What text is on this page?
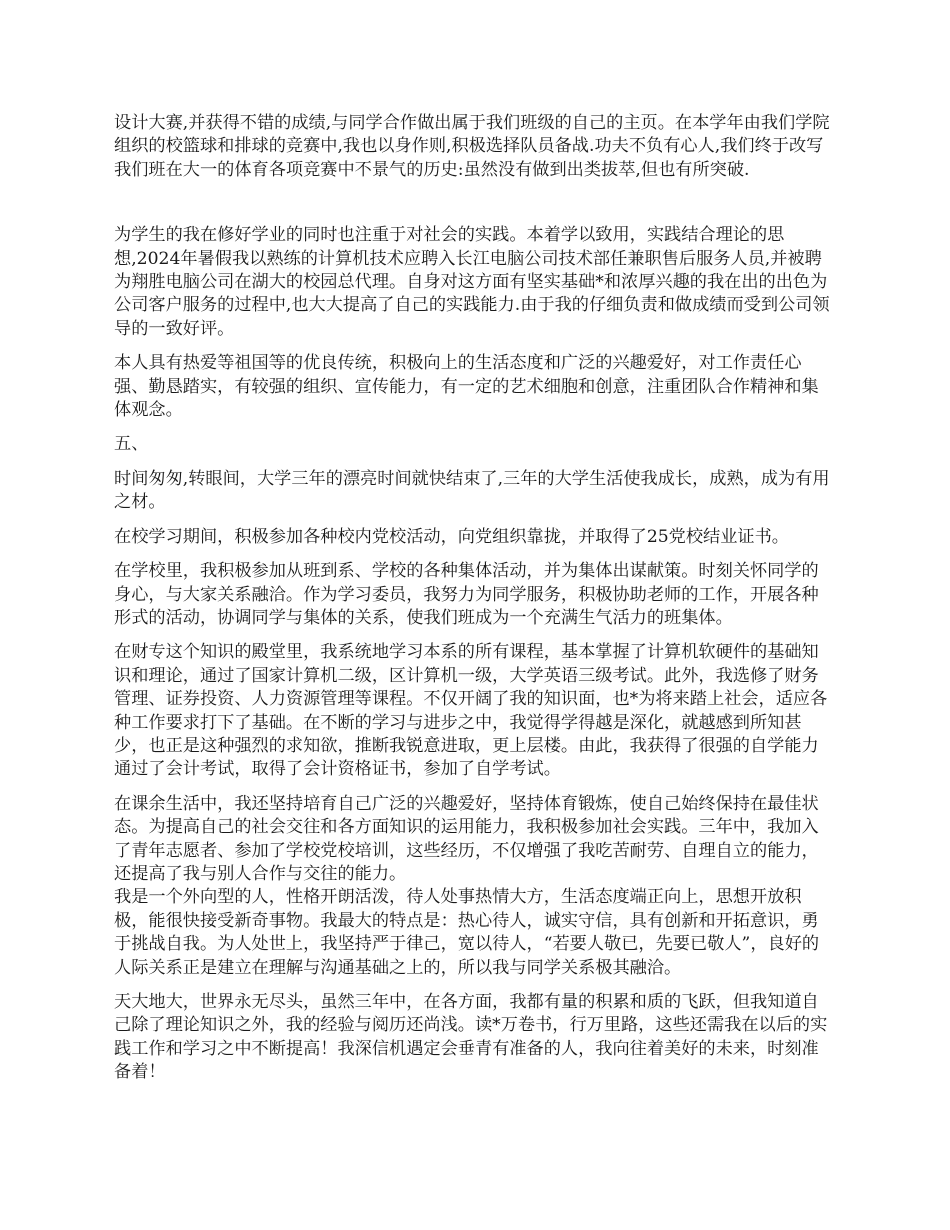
设计大赛,并获得不错的成绩,与同学合作做出属于我们班级的自己的主页。在本学年由我们学院组织的校篮球和排球的竞赛中,我也以身作则,积极选择队员备战.功夫不负有心人,我们终于改写我们班在大一的体育各项竞赛中不景气的历史:虽然没有做到出类拔萃,但也有所突破.

为学生的我在修好学业的同时也注重于对社会的实践。本着学以致用，实践结合理论的思想,2024年暑假我以熟练的计算机技术应聘入长江电脑公司技术部任兼职售后服务人员,并被聘为翔胜电脑公司在湖大的校园总代理。自身对这方面有坚实基础*和浓厚兴趣的我在出的出色为公司客户服务的过程中,也大大提高了自己的实践能力.由于我的仔细负责和做成绩而受到公司领导的一致好评。

本人具有热爱等祖国等的优良传统，积极向上的生活态度和广泛的兴趣爱好，对工作责任心强、勤恳踏实，有较强的组织、宣传能力，有一定的艺术细胞和创意，注重团队合作精神和集体观念。

五、

时间匆匆,转眼间，大学三年的漂亮时间就快结束了,三年的大学生活使我成长，成熟，成为有用之材。

在校学习期间，积极参加各种校内党校活动，向党组织靠拢，并取得了25党校结业证书。

在学校里，我积极参加从班到系、学校的各种集体活动，并为集体出谋献策。时刻关怀同学的身心，与大家关系融洽。作为学习委员，我努力为同学服务，积极协助老师的工作，开展各种形式的活动，协调同学与集体的关系，使我们班成为一个充满生气活力的班集体。

在财专这个知识的殿堂里，我系统地学习本系的所有课程，基本掌握了计算机软硬件的基础知识和理论，通过了国家计算机二级，区计算机一级，大学英语三级考试。此外，我选修了财务管理、证券投资、人力资源管理等课程。不仅开阔了我的知识面，也*为将来踏上社会，适应各种工作要求打下了基础。在不断的学习与进步之中，我觉得学得越是深化，就越感到所知甚少，也正是这种强烈的求知欲，推断我锐意进取，更上层楼。由此，我获得了很强的自学能力通过了会计考试，取得了会计资格证书，参加了自学考试。

在课余生活中，我还坚持培育自己广泛的兴趣爱好，坚持体育锻炼，使自己始终保持在最佳状态。为提高自己的社会交往和各方面知识的运用能力，我积极参加社会实践。三年中，我加入了青年志愿者、参加了学校党校培训，这些经历，不仅增强了我吃苦耐劳、自理自立的能力，还提高了我与别人合作与交往的能力。

我是一个外向型的人，性格开朗活泼，待人处事热情大方，生活态度端正向上，思想开放积极，能很快接受新奇事物。我最大的特点是：热心待人，诚实守信，具有创新和开拓意识，勇于挑战自我。为人处世上，我坚持严于律己，宽以待人，“若要人敬已，先要已敬人”，良好的人际关系正是建立在理解与沟通基础之上的，所以我与同学关系极其融洽。

天大地大，世界永无尽头，虽然三年中，在各方面，我都有量的积累和质的飞跃，但我知道自己除了理论知识之外，我的经验与阅历还尚浅。读*万卷书，行万里路，这些还需我在以后的实践工作和学习之中不断提高！我深信机遇定会垂青有准备的人，我向往着美好的未来，时刻准备着！
